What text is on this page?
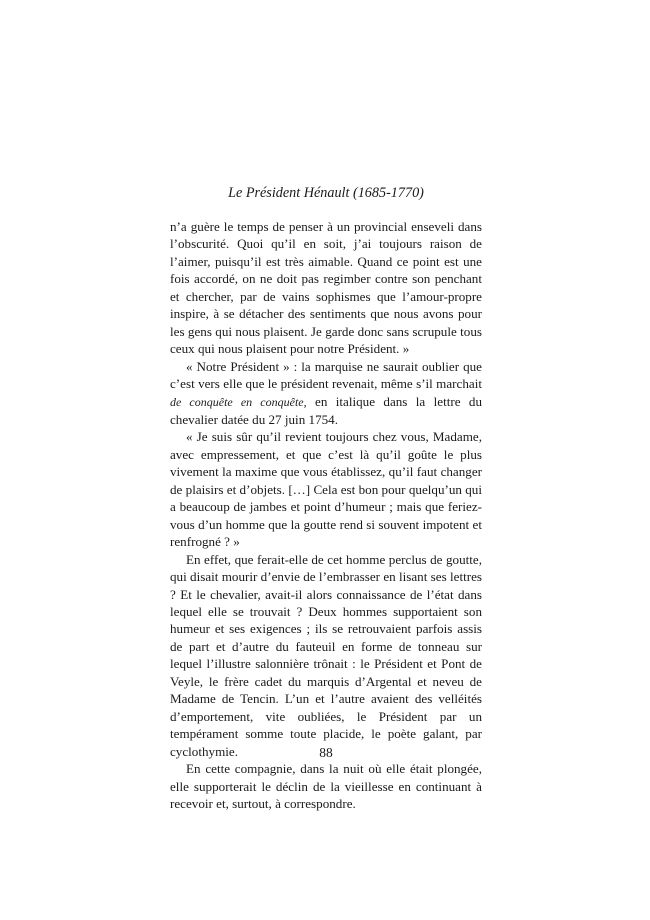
Le Président Hénault (1685-1770)

n’a guère le temps de penser à un provincial enseveli dans l’obscurité. Quoi qu’il en soit, j’ai toujours raison de l’aimer, puisqu’il est très aimable. Quand ce point est une fois accordé, on ne doit pas regimber contre son penchant et chercher, par de vains sophismes que l’amour-propre inspire, à se détacher des sentiments que nous avons pour les gens qui nous plaisent. Je garde donc sans scrupule tous ceux qui nous plaisent pour notre Président. »

« Notre Président » : la marquise ne saurait oublier que c’est vers elle que le président revenait, même s’il marchait de conquête en conquête, en italique dans la lettre du chevalier datée du 27 juin 1754.

« Je suis sûr qu’il revient toujours chez vous, Madame, avec empressement, et que c’est là qu’il goûte le plus vivement la maxime que vous établissez, qu’il faut changer de plaisirs et d’objets. […] Cela est bon pour quelqu’un qui a beaucoup de jambes et point d’humeur ; mais que feriez-vous d’un homme que la goutte rend si souvent impotent et renfrogné ? »

En effet, que ferait-elle de cet homme perclus de goutte, qui disait mourir d’envie de l’embrasser en lisant ses lettres ? Et le chevalier, avait-il alors connaissance de l’état dans lequel elle se trouvait ? Deux hommes supportaient son humeur et ses exigences ; ils se retrouvaient parfois assis de part et d’autre du fauteuil en forme de tonneau sur lequel l’illustre salonnière trônait : le Président et Pont de Veyle, le frère cadet du marquis d’Argental et neveu de Madame de Tencin. L’un et l’autre avaient des velléités d’emportement, vite oubliées, le Président par un tempérament somme toute placide, le poète galant, par cyclothymie.

En cette compagnie, dans la nuit où elle était plongée, elle supporterait le déclin de la vieillesse en continuant à recevoir et, surtout, à correspondre.

88
